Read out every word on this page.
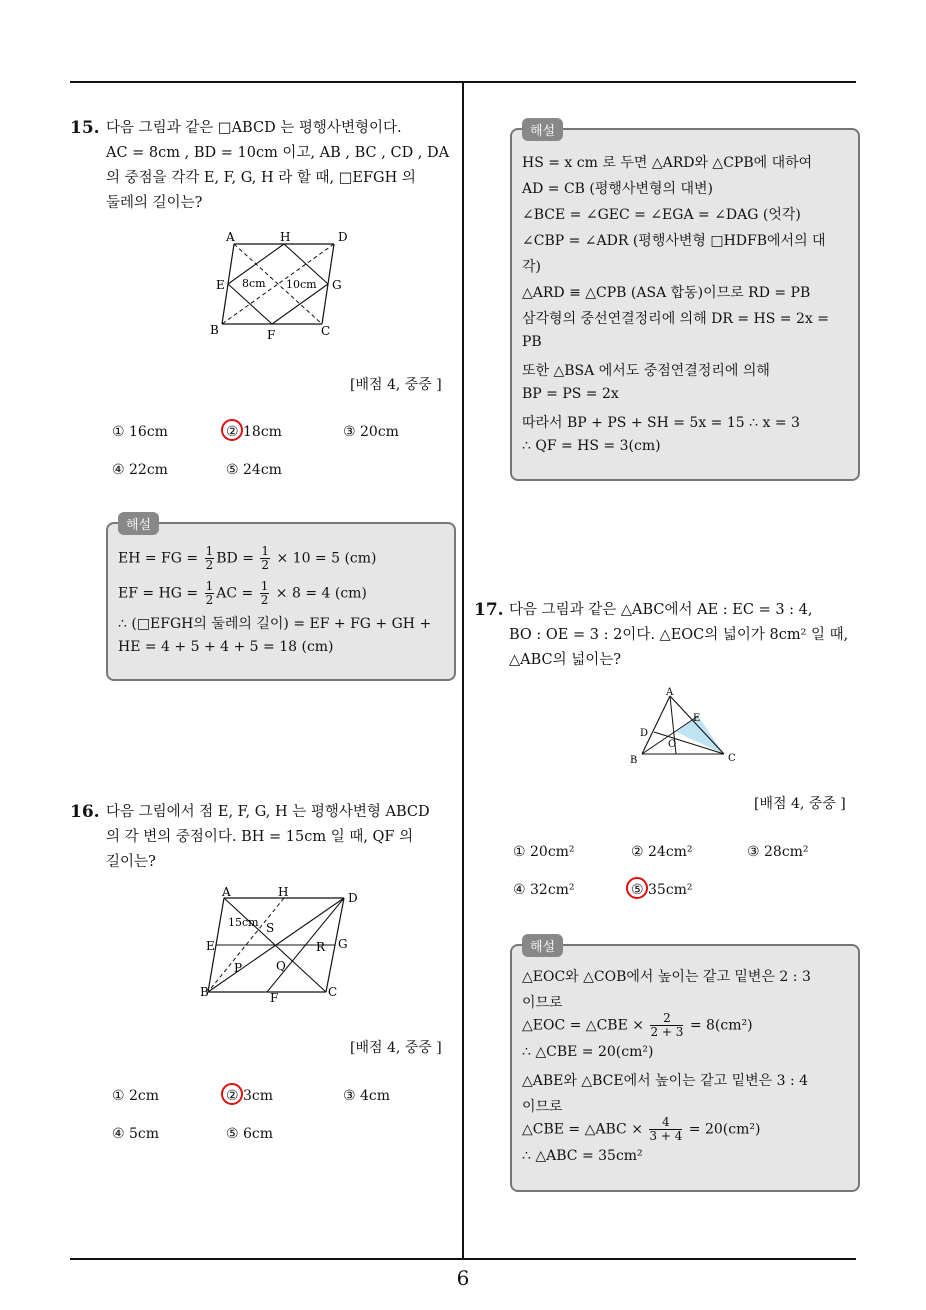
6
15. 다음 그림과 같은 □ABCD 는 평행사변형이다.
AC = 8cm , BD = 10cm 이고, AB , BC , CD , DA
의 중점을 각각 E, F, G, H 라 할 때, □EFGH 의
둘레의 길이는?
A	H	D
E	G
B	F	C
8cm 10cm
[배점 4, 중중 ]
① 16cm	② 18cm	③ 20cm
④ 22cm	⑤ 24cm
해설
EH = FG = $\frac{1}{2}$ BD = $\frac{1}{2} \times 10 = 5$ (cm)
EF = HG = $\frac{1}{2}$ AC = $\frac{1}{2} \times 8 = 4$ (cm)
∴ (□EFGH의 둘레의 길이) = EF + FG + GH +
HE = 4 + 5 + 4 + 5 = 18 (cm)
16. 다음 그림에서 점 E, F, G, H 는 평행사변형 ABCD
의 각 변의 중점이다. BH = 15cm 일 때, QF 의
길이는?
A	H	D
E	G
B	F	C
S
R
P	Q
15cm
[배점 4, 중중 ]
① 2cm	② 3cm	③ 4cm
④ 5cm	⑤ 6cm
해설
HS = x cm 로 두면 △ARD와 △CPB에 대하여
AD = CB (평행사변형의 대변)
∠BCE = ∠GEC = ∠EGA = ∠DAG (엇각)
∠CBP = ∠ADR (평행사변형 □HDFB에서의 대
각)
△ARD ≡ △CPB (ASA 합동)이므로 RD = PB
삼각형의 중선연결정리에 의해 DR = HS = 2x =
PB
또한 △BSA 에서도 중점연결정리에 의해
BP = PS = 2x
따라서 BP + PS + SH = 5x = 15 ∴ x = 3
∴ QF = HS = 3(cm)
17. 다음 그림과 같은 △ABC에서 AE : EC = 3 : 4,
BO : OE = 3 : 2이다. △EOC의 넓이가 8cm² 일 때,
△ABC의 넓이는?
A
E
D
O
B	C
[배점 4, 중중 ]
① 20cm²	② 24cm²	③ 28cm²
④ 32cm²	⑤ 35cm²
해설
△EOC와 △COB에서 높이는 같고 밑변은 2 : 3
이므로
△EOC = △CBE × $\frac{2}{2 + 3} = 8(cm^2)$
∴ △CBE = 20(cm²)
△ABE와 △BCE에서 높이는 같고 밑변은 3 : 4
이므로
△CBE = △ABC × $\frac{4}{3 + 4} = 20(cm^2)$
∴ △ABC = 35cm²
